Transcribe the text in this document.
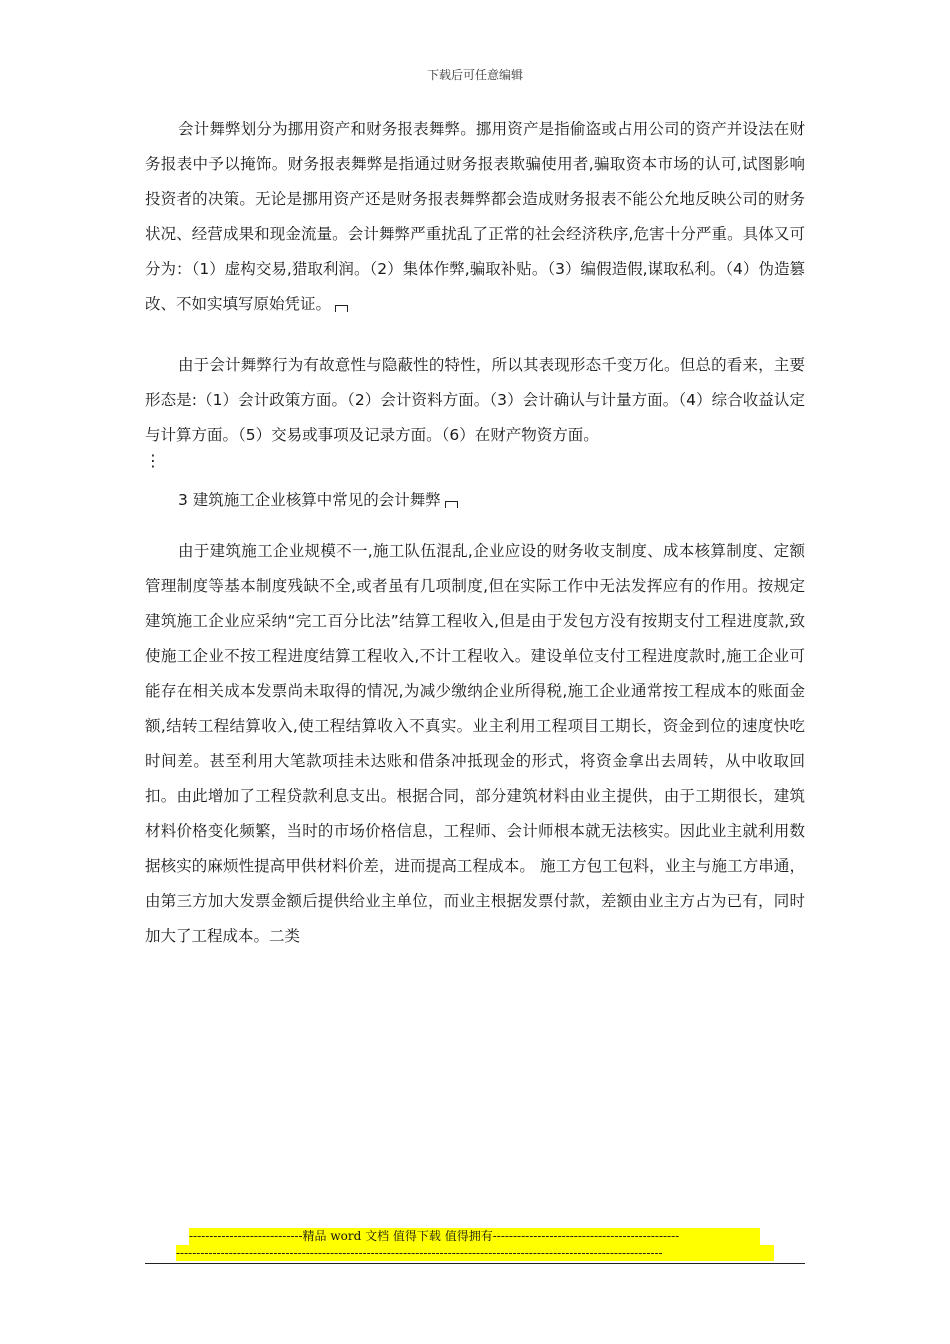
下载后可任意编辑

会计舞弊划分为挪用资产和财务报表舞弊。挪用资产是指偷盗或占用公司的资产并设法在财务报表中予以掩饰。财务报表舞弊是指通过财务报表欺骗使用者,骗取资本市场的认可,试图影响投资者的决策。无论是挪用资产还是财务报表舞弊都会造成财务报表不能公允地反映公司的财务状况、经营成果和现金流量。会计舞弊严重扰乱了正常的社会经济秩序,危害十分严重。具体又可分为：（1）虚构交易,猎取利润。（2）集体作弊,骗取补贴。（3）编假造假,谋取私利。（4）伪造篡改、不如实填写原始凭证。

由于会计舞弊行为有故意性与隐蔽性的特性，所以其表现形态千变万化。但总的看来，主要形态是:（1）会计政策方面。（2）会计资料方面。（3）会计确认与计量方面。（4）综合收益认定与计算方面。（5）交易或事项及记录方面。（6）在财产物资方面。

⋮

3 建筑施工企业核算中常见的会计舞弊

由于建筑施工企业规模不一,施工队伍混乱,企业应设的财务收支制度、成本核算制度、定额管理制度等基本制度残缺不全,或者虽有几项制度,但在实际工作中无法发挥应有的作用。按规定建筑施工企业应采纳“完工百分比法”结算工程收入,但是由于发包方没有按期支付工程进度款,致使施工企业不按工程进度结算工程收入,不计工程收入。建设单位支付工程进度款时,施工企业可能存在相关成本发票尚未取得的情况,为减少缴纳企业所得税,施工企业通常按工程成本的账面金额,结转工程结算收入,使工程结算收入不真实。业主利用工程项目工期长，资金到位的速度快吃时间差。甚至利用大笔款项挂未达账和借条冲抵现金的形式，将资金拿出去周转，从中收取回扣。由此增加了工程贷款利息支出。根据合同，部分建筑材料由业主提供，由于工期很长，建筑材料价格变化频繁，当时的市场价格信息，工程师、会计师根本就无法核实。因此业主就利用数据核实的麻烦性提高甲供材料价差，进而提高工程成本。 施工方包工包料，业主与施工方串通，由第三方加大发票金额后提供给业主单位，而业主根据发票付款，差额由业主方占为已有，同时加大了工程成本。二类

----------------------------精品 word 文档 值得下载 值得拥有----------------------------------------------
------------------------------------------------------------------------------------------------------------------------
